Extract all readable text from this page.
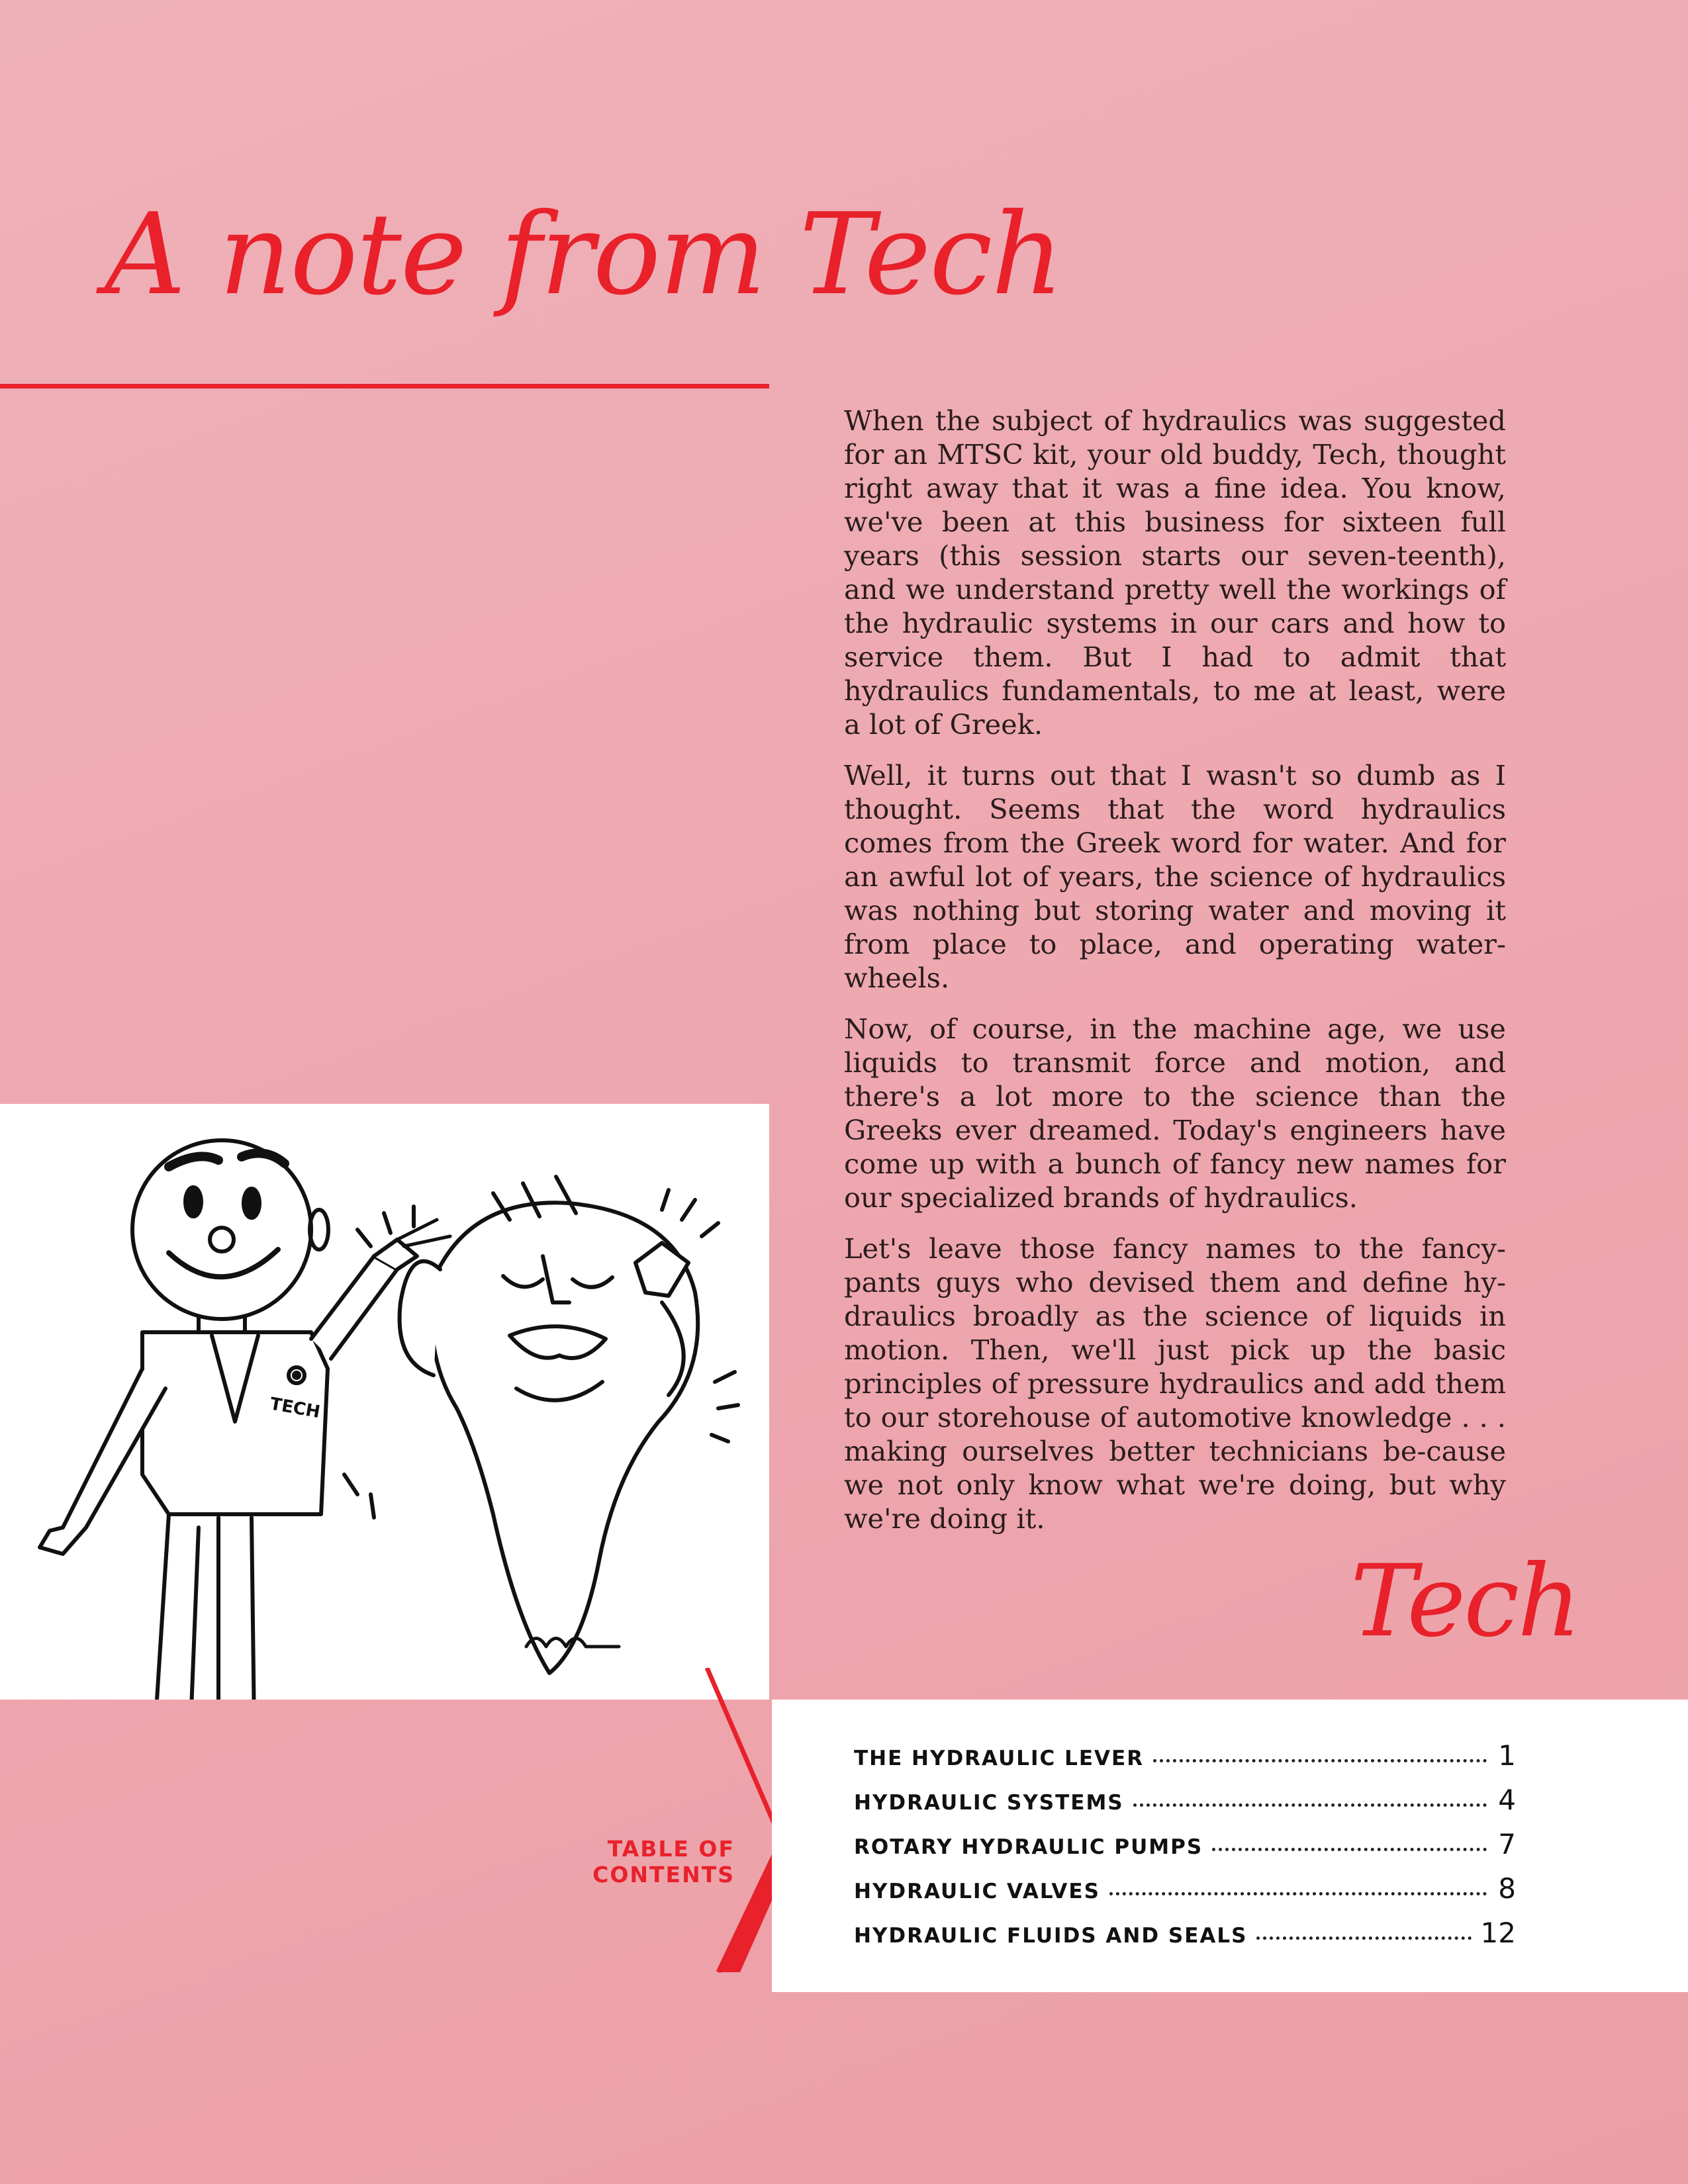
A note from Tech

When the subject of hydraulics was suggested for an MTSC kit, your old buddy, Tech, thought right away that it was a fine idea. You know, we've been at this business for sixteen full years (this session starts our seven-teenth), and we understand pretty well the workings of the hydraulic systems in our cars and how to service them. But I had to admit that hydraulics fundamentals, to me at least, were a lot of Greek.

Well, it turns out that I wasn't so dumb as I thought. Seems that the word hydraulics comes from the Greek word for water. And for an awful lot of years, the science of hydraulics was nothing but storing water and moving it from place to place, and operating water-wheels.

Now, of course, in the machine age, we use liquids to transmit force and motion, and there's a lot more to the science than the Greeks ever dreamed. Today's engineers have come up with a bunch of fancy new names for our specialized brands of hydraulics.

Let's leave those fancy names to the fancy-pants guys who devised them and define hy-draulics broadly as the science of liquids in motion. Then, we'll just pick up the basic principles of pressure hydraulics and add them to our storehouse of automotive knowledge . . . making ourselves better technicians be-cause we not only know what we're doing, but why we're doing it.

TECH
Tech
TABLE OF CONTENTS
THE HYDRAULIC LEVER	1
HYDRAULIC SYSTEMS	4
ROTARY HYDRAULIC PUMPS	7
HYDRAULIC VALVES	8
HYDRAULIC FLUIDS AND SEALS	12
